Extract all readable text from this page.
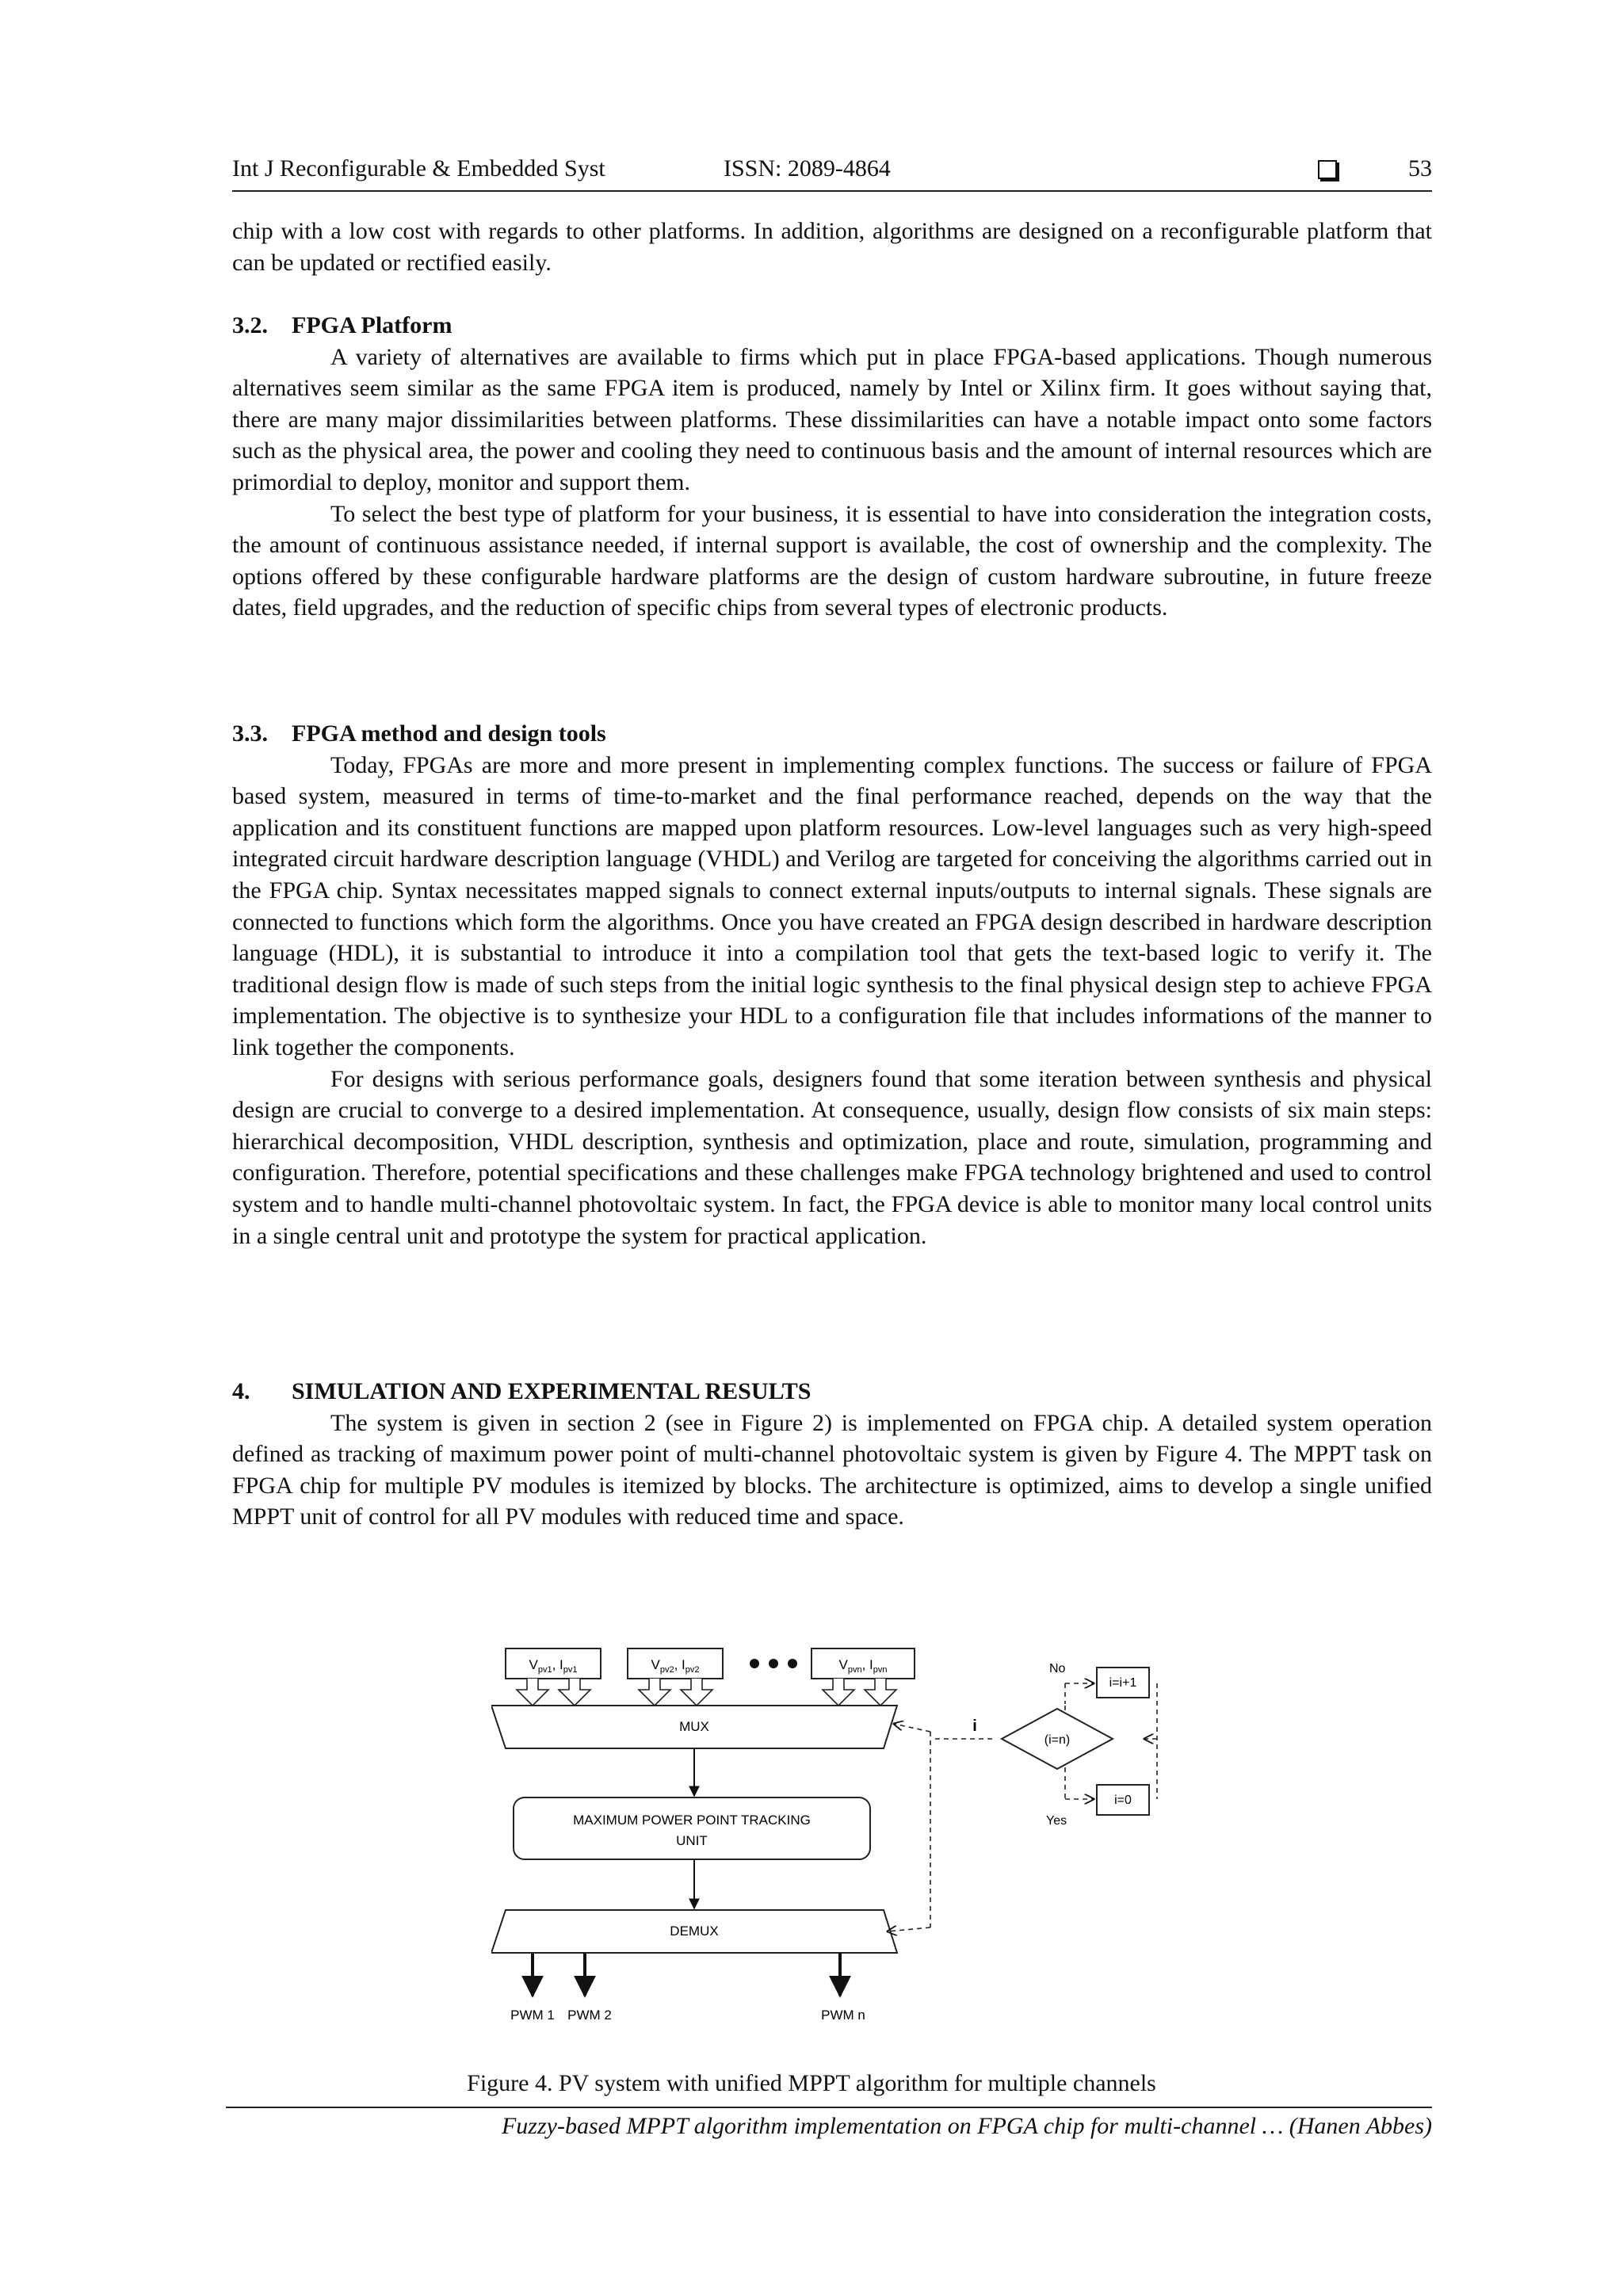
Int J Reconfigurable & Embedded Syst	ISSN: 2089-4864	53

chip with a low cost with regards to other platforms. In addition, algorithms are designed on a reconfigurable platform that can be updated or rectified easily.

3.2. FPGA Platform

A variety of alternatives are available to firms which put in place FPGA-based applications. Though numerous alternatives seem similar as the same FPGA item is produced, namely by Intel or Xilinx firm. It goes without saying that, there are many major dissimilarities between platforms. These dissimilarities can have a notable impact onto some factors such as the physical area, the power and cooling they need to continuous basis and the amount of internal resources which are primordial to deploy, monitor and support them.

To select the best type of platform for your business, it is essential to have into consideration the integration costs, the amount of continuous assistance needed, if internal support is available, the cost of ownership and the complexity. The options offered by these configurable hardware platforms are the design of custom hardware subroutine, in future freeze dates, field upgrades, and the reduction of specific chips from several types of electronic products.

3.3. FPGA method and design tools

Today, FPGAs are more and more present in implementing complex functions. The success or failure of FPGA based system, measured in terms of time-to-market and the final performance reached, depends on the way that the application and its constituent functions are mapped upon platform resources. Low-level languages such as very high-speed integrated circuit hardware description language (VHDL) and Verilog are targeted for conceiving the algorithms carried out in the FPGA chip. Syntax necessitates mapped signals to connect external inputs/outputs to internal signals. These signals are connected to functions which form the algorithms. Once you have created an FPGA design described in hardware description language (HDL), it is substantial to introduce it into a compilation tool that gets the text-based logic to verify it. The traditional design flow is made of such steps from the initial logic synthesis to the final physical design step to achieve FPGA implementation. The objective is to synthesize your HDL to a configuration file that includes informations of the manner to link together the components.

For designs with serious performance goals, designers found that some iteration between synthesis and physical design are crucial to converge to a desired implementation. At consequence, usually, design flow consists of six main steps: hierarchical decomposition, VHDL description, synthesis and optimization, place and route, simulation, programming and configuration. Therefore, potential specifications and these challenges make FPGA technology brightened and used to control system and to handle multi-channel photovoltaic system. In fact, the FPGA device is able to monitor many local control units in a single central unit and prototype the system for practical application.

4. SIMULATION AND EXPERIMENTAL RESULTS

The system is given in section 2 (see in Figure 2) is implemented on FPGA chip. A detailed system operation defined as tracking of maximum power point of multi-channel photovoltaic system is given by Figure 4. The MPPT task on FPGA chip for multiple PV modules is itemized by blocks. The architecture is optimized, aims to develop a single unified MPPT unit of control for all PV modules with reduced time and space.

$V_{pv1}$, $I_{pv1}$	$V_{pv2}$, $I_{pv2}$	$V_{pvn}$, $I_{pvn}$
MUX
MAXIMUM POWER POINT TRACKING
UNIT
DEMUX
PWM 1 PWM 2	PWM n
(i=n)
i
i=i+1
i=0
No
Yes
Figure 4. PV system with unified MPPT algorithm for multiple channels
Fuzzy-based MPPT algorithm implementation on FPGA chip for multi-channel … (Hanen Abbes)
